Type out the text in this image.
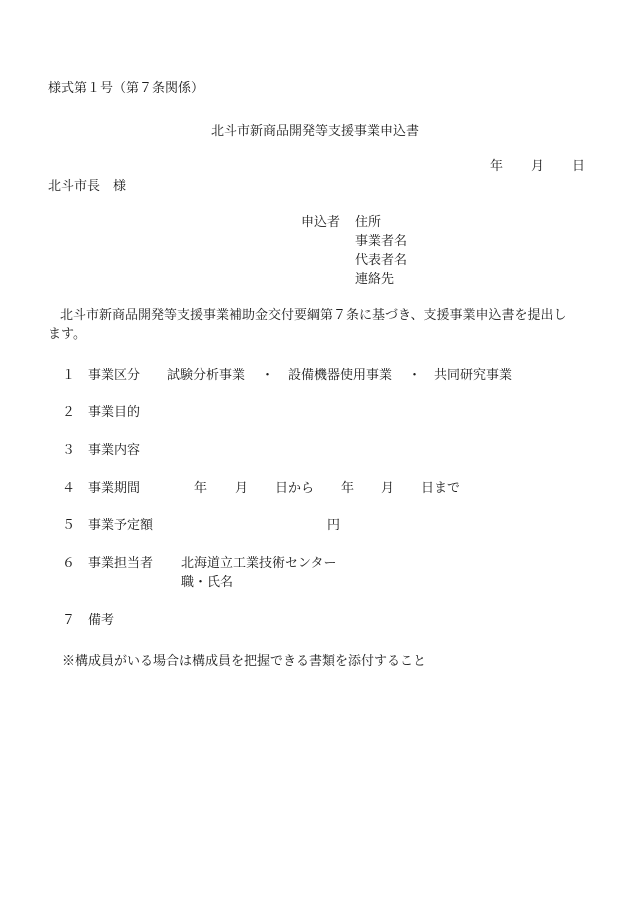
様式第１号（第７条関係）
北斗市新商品開発等支援事業申込書
年 月 日
北斗市長　様
申込者 住所
事業者名
代表者名
連絡先
北斗市新商品開発等支援事業補助金交付要綱第７条に基づき、支援事業申込書を提出し
ます。
１ 事業区分 試験分析事業 ・ 設備機器使用事業 ・ 共同研究事業
２ 事業目的
３ 事業内容
４ 事業期間	年 月 日から 年 月 日まで
５ 事業予定額	円
６ 事業担当者 北海道立工業技術センター
職・氏名
７ 備考
※構成員がいる場合は構成員を把握できる書類を添付すること
